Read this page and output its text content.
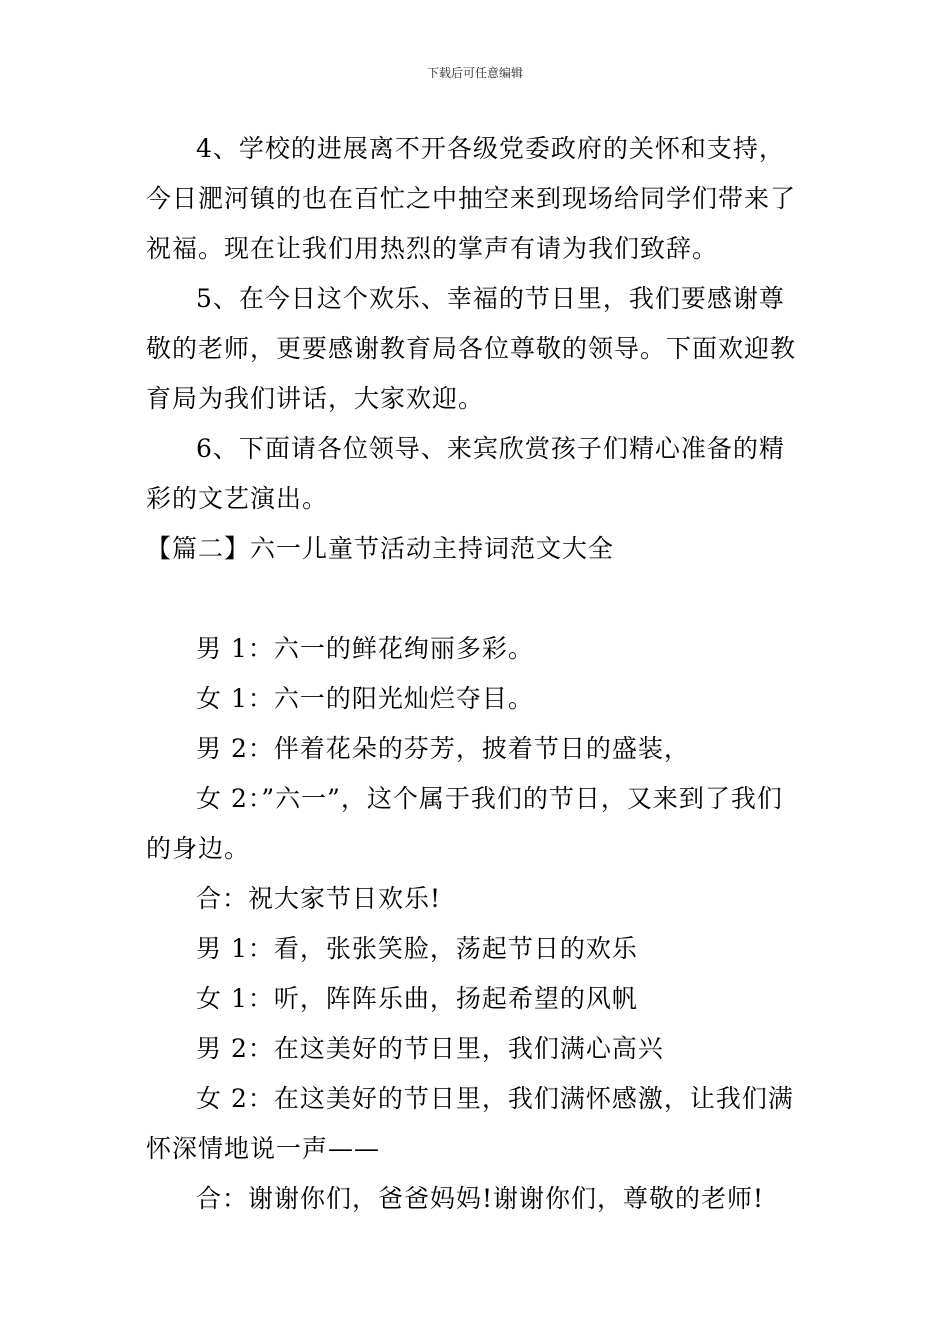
下载后可任意编辑

4、学校的进展离不开各级党委政府的关怀和支持，今日淝河镇的也在百忙之中抽空来到现场给同学们带来了祝福。现在让我们用热烈的掌声有请为我们致辞。

5、在今日这个欢乐、幸福的节日里，我们要感谢尊敬的老师，更要感谢教育局各位尊敬的领导。下面欢迎教育局为我们讲话，大家欢迎。

6、下面请各位领导、来宾欣赏孩子们精心准备的精彩的文艺演出。

【篇二】六一儿童节活动主持词范文大全

男 1：六一的鲜花绚丽多彩。

女 1：六一的阳光灿烂夺目。

男 2：伴着花朵的芬芳，披着节日的盛装，

女 2：”六一”，这个属于我们的节日，又来到了我们的身边。

合：祝大家节日欢乐!

男 1：看，张张笑脸，荡起节日的欢乐

女 1：听，阵阵乐曲，扬起希望的风帆

男 2：在这美好的节日里，我们满心高兴

女 2：在这美好的节日里，我们满怀感激，让我们满怀深情地说一声——

合：谢谢你们，爸爸妈妈!谢谢你们，尊敬的老师!
